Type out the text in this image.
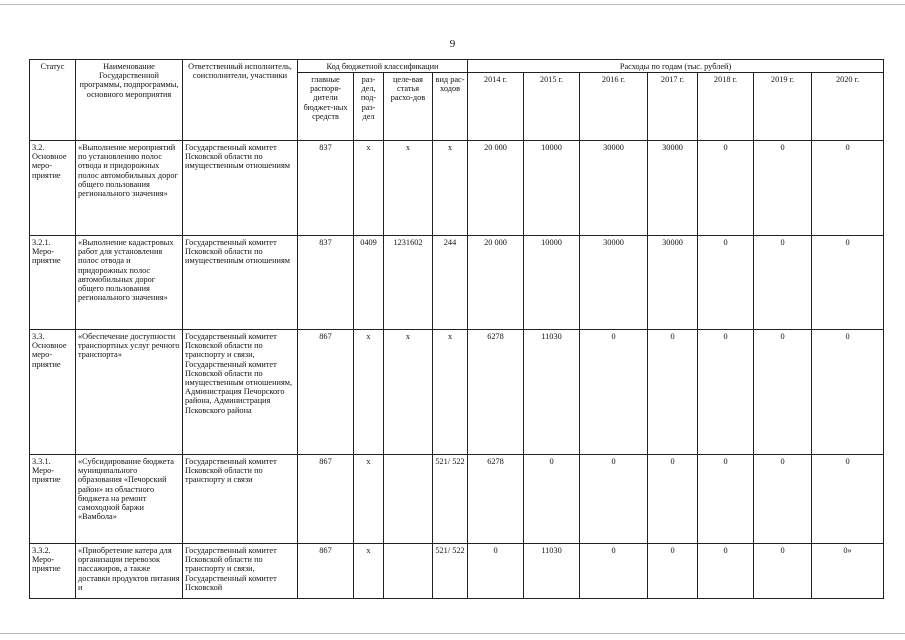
9
Статус	Наименование Государственной программы, подпрограммы, основного мероприятия	Ответственный исполнитель, соисполнители, участники	Код бюджетной классификации				Расходы по годам (тыс. рублей)						
			главные распоря-дители бюджет-ных средств	раз-дел, под-раз-дел	целе-вая статья расхо-дов	вид рас-ходов	2014 г.	2015 г.	2016 г.	2017 г.	2018 г.	2019 г.	2020 г.
3.2. Основное меро-приятие	«Выполнение мероприятий по установлению полос отвода и придорожных полос автомобильных дорог общего пользования регионального значения»	Государственный комитет Псковской области по имущественным отношениям	837	x	x	x	20 000	10000	30000	30000	0	0	0
3.2.1. Меро-приятие	«Выполнение кадастровых работ для установления полос отвода и придорожных полос автомобильных дорог общего пользования регионального значения»	Государственный комитет Псковской области по имущественным отношениям	837	0409	1231602	244	20 000	10000	30000	30000	0	0	0
3.3. Основное меро-приятие	«Обеспечение доступности транспортных услуг речного транспорта»	Государственный комитет Псковской области по транспорту и связи, Государственный комитет Псковской области по имущественным отношениям, Администрация Печорского района, Администрация Псковского района	867	x	x	x	6278	11030	0	0	0	0	0
3.3.1. Меро-приятие	«Субсидирование бюджета муниципального образования «Печорский район» из областного бюджета на ремонт самоходной баржи «Вамбола»	Государственный комитет Псковской области по транспорту и связи	867	x		521/ 522	6278	0	0	0	0	0	0
3.3.2. Меро-приятие	«Приобретение катера для организации перевозок пассажиров, а также доставки продуктов питания и	Государственный комитет Псковской области по транспорту и связи, Государственный комитет Псковской	867	x		521/ 522	0	11030	0	0	0	0	0»
